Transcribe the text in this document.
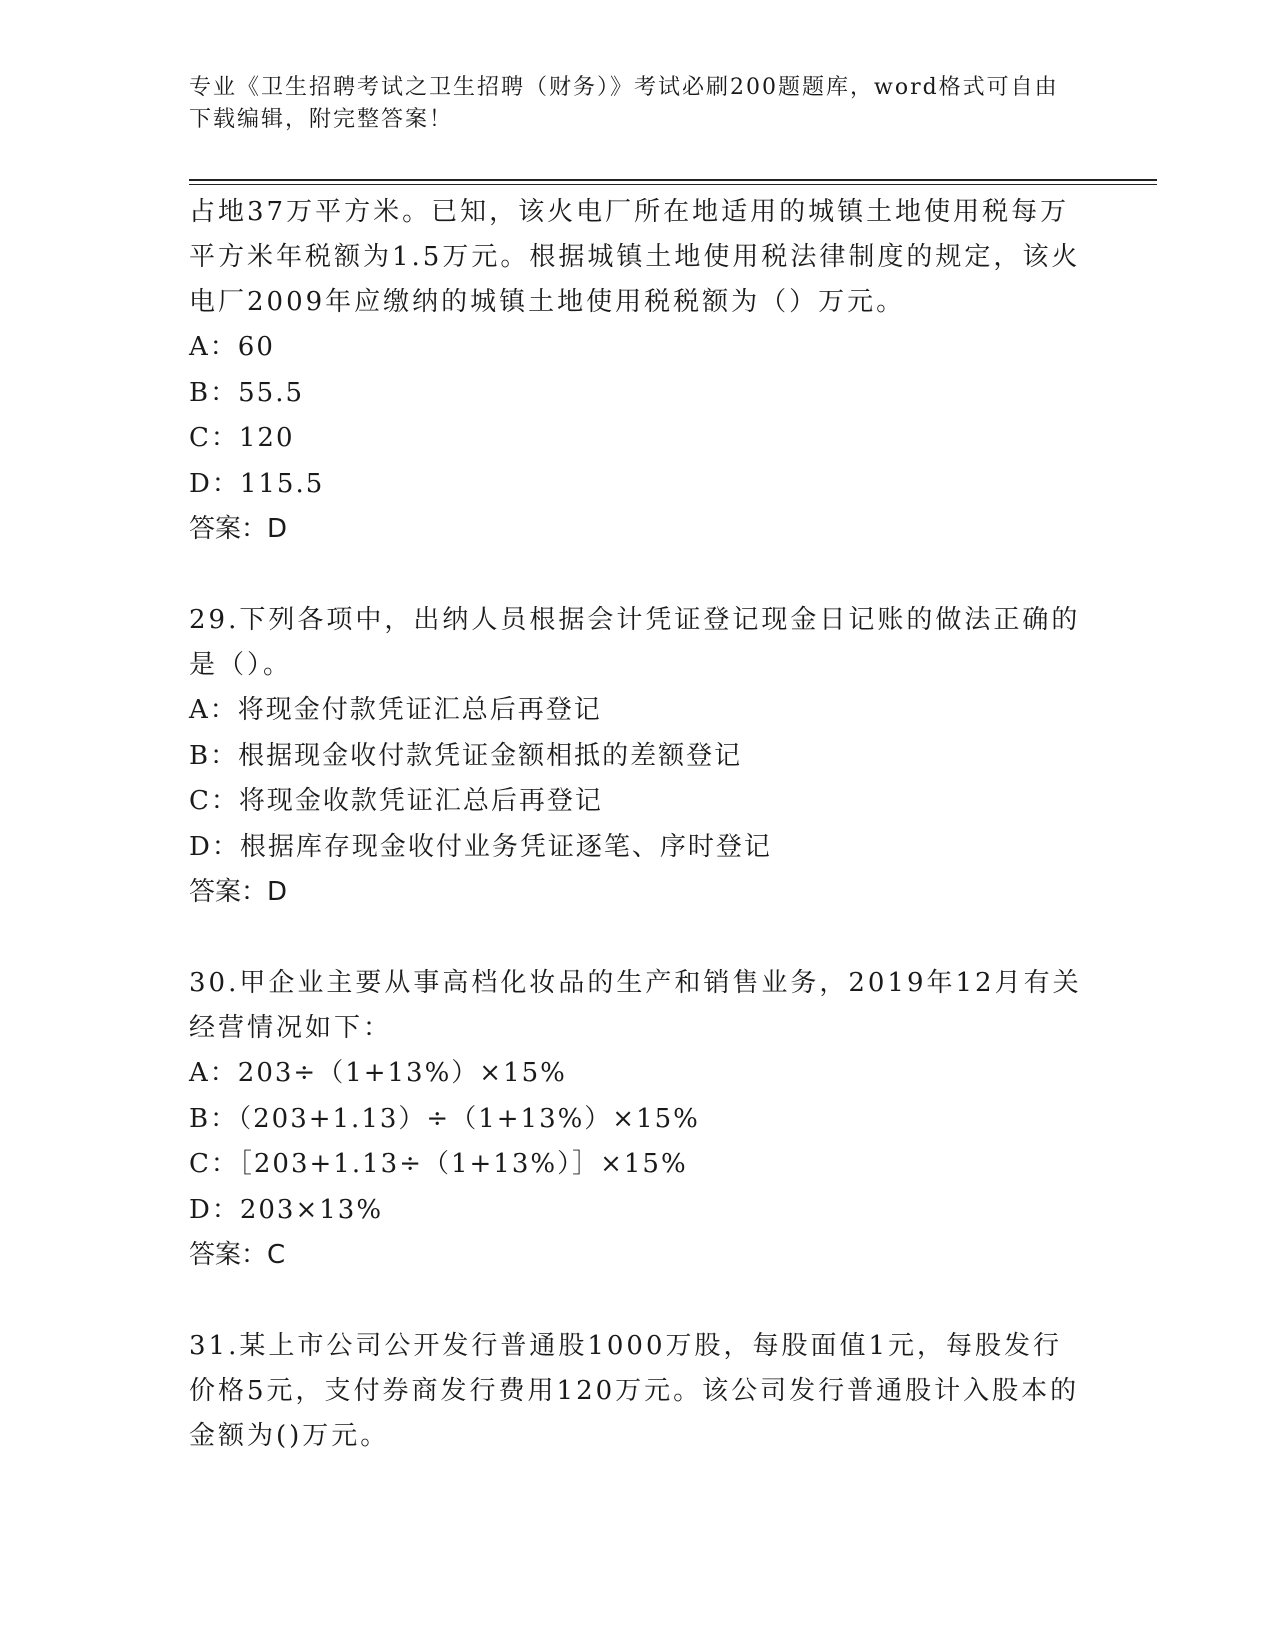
专业《卫生招聘考试之卫生招聘（财务）》考试必刷200题题库，word格式可自由下载编辑，附完整答案！

占地37万平方米。已知，该火电厂所在地适用的城镇土地使用税每万平方米年税额为1.5万元。根据城镇土地使用税法律制度的规定，该火电厂2009年应缴纳的城镇土地使用税税额为（）万元。

A：60

B：55.5

C：120

D：115.5

答案：D

29.下列各项中，出纳人员根据会计凭证登记现金日记账的做法正确的是（）。

A：将现金付款凭证汇总后再登记

B：根据现金收付款凭证金额相抵的差额登记

C：将现金收款凭证汇总后再登记

D：根据库存现金收付业务凭证逐笔、序时登记

答案：D

30.甲企业主要从事高档化妆品的生产和销售业务，2019年12月有关经营情况如下：

A：203÷（1+13%）×15%

B：（203+1.13）÷（1+13%）×15%

C：［203+1.13÷（1+13%）］×15%

D：203×13%

答案：C

31.某上市公司公开发行普通股1000万股，每股面值1元，每股发行价格5元，支付券商发行费用120万元。该公司发行普通股计入股本的金额为()万元。
